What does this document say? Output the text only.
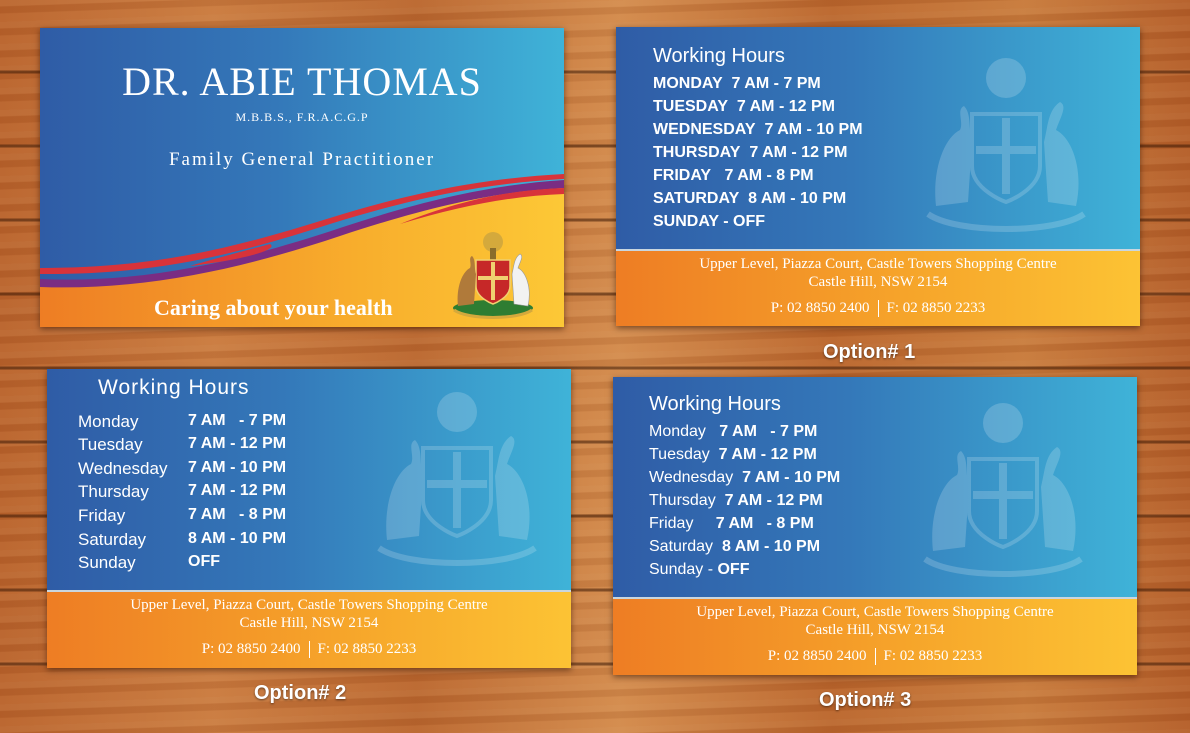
DR. ABIE THOMAS
M.B.B.S., F.R.A.C.G.P
Family General Practitioner
Caring about your health
Working Hours
MONDAY 7 AM - 7 PM
TUESDAY 7 AM - 12 PM
WEDNESDAY 7 AM - 10 PM
THURSDAY 7 AM - 12 PM
FRIDAY 7 AM - 8 PM
SATURDAY 8 AM - 10 PM
SUNDAY - OFF
Upper Level, Piazza Court, Castle Towers Shopping Centre
Castle Hill, NSW 2154
P: 02 8850 2400 F: 02 8850 2233
Option# 1
Working Hours
Monday
Tuesday
Wednesday
Thursday
Friday
Saturday
Sunday
7 AM   - 7 PM
7 AM - 12 PM
7 AM - 10 PM
7 AM - 12 PM
7 AM   - 8 PM
8 AM - 10 PM
OFF
Upper Level, Piazza Court, Castle Towers Shopping Centre
Castle Hill, NSW 2154
P: 02 8850 2400 F: 02 8850 2233
Option# 2
Working Hours
Monday 7 AM   - 7 PM
Tuesday 7 AM - 12 PM
Wednesday 7 AM - 10 PM
Thursday 7 AM - 12 PM
Friday 7 AM   - 8 PM
Saturday 8 AM - 10 PM
Sunday - OFF
Upper Level, Piazza Court, Castle Towers Shopping Centre
Castle Hill, NSW 2154
P: 02 8850 2400 F: 02 8850 2233
Option# 3
